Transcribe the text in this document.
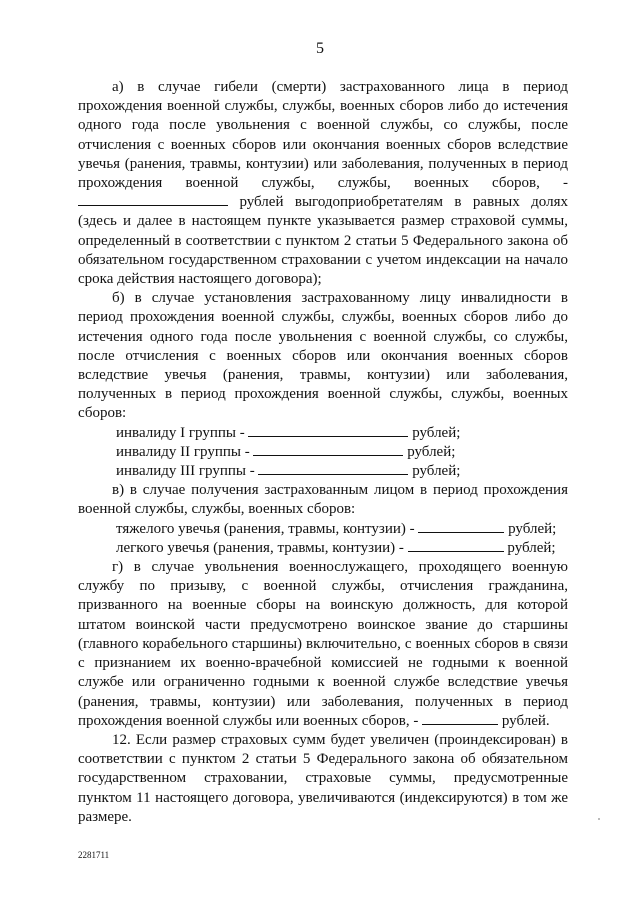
5

а) в случае гибели (смерти) застрахованного лица в период прохождения военной службы, службы, военных сборов либо до истечения одного года после увольнения с военной службы, со службы, после отчисления с военных сборов или окончания военных сборов вследствие увечья (ранения, травмы, контузии) или заболевания, полученных в период прохождения военной службы, службы, военных сборов, -  рублей выгодоприобретателям в равных долях (здесь и далее в настоящем пункте указывается размер страховой суммы, определенный в соответствии с пунктом 2 статьи 5 Федерального закона об обязательном государственном страховании с учетом индексации на начало срока действия настоящего договора);

б) в случае установления застрахованному лицу инвалидности в период прохождения военной службы, службы, военных сборов либо до истечения одного года после увольнения с военной службы, со службы, после отчисления с военных сборов или окончания военных сборов вследствие увечья (ранения, травмы, контузии) или заболевания, полученных в период прохождения военной службы, службы, военных сборов:

инвалиду I группы -	рублей;

инвалиду II группы -	рублей;

инвалиду III группы -	рублей;

в) в случае получения застрахованным лицом в период прохождения военной службы, службы, военных сборов:

тяжелого увечья (ранения, травмы, контузии) -	рублей;

легкого увечья (ранения, травмы, контузии) -	рублей;

г) в случае увольнения военнослужащего, проходящего военную службу по призыву, с военной службы, отчисления гражданина, призванного на военные сборы на воинскую должность, для которой штатом воинской части предусмотрено воинское звание до старшины (главного корабельного старшины) включительно, с военных сборов в связи с признанием их военно-врачебной комиссией не годными к военной службе или ограниченно годными к военной службе вследствие увечья (ранения, травмы, контузии) или заболевания, полученных в период прохождения военной службы или военных сборов, -	рублей.

12. Если размер страховых сумм будет увеличен (проиндексирован) в соответствии с пунктом 2 статьи 5 Федерального закона об обязательном государственном страховании, страховые суммы, предусмотренные пунктом 11 настоящего договора, увеличиваются (индексируются) в том же размере.

2281711
